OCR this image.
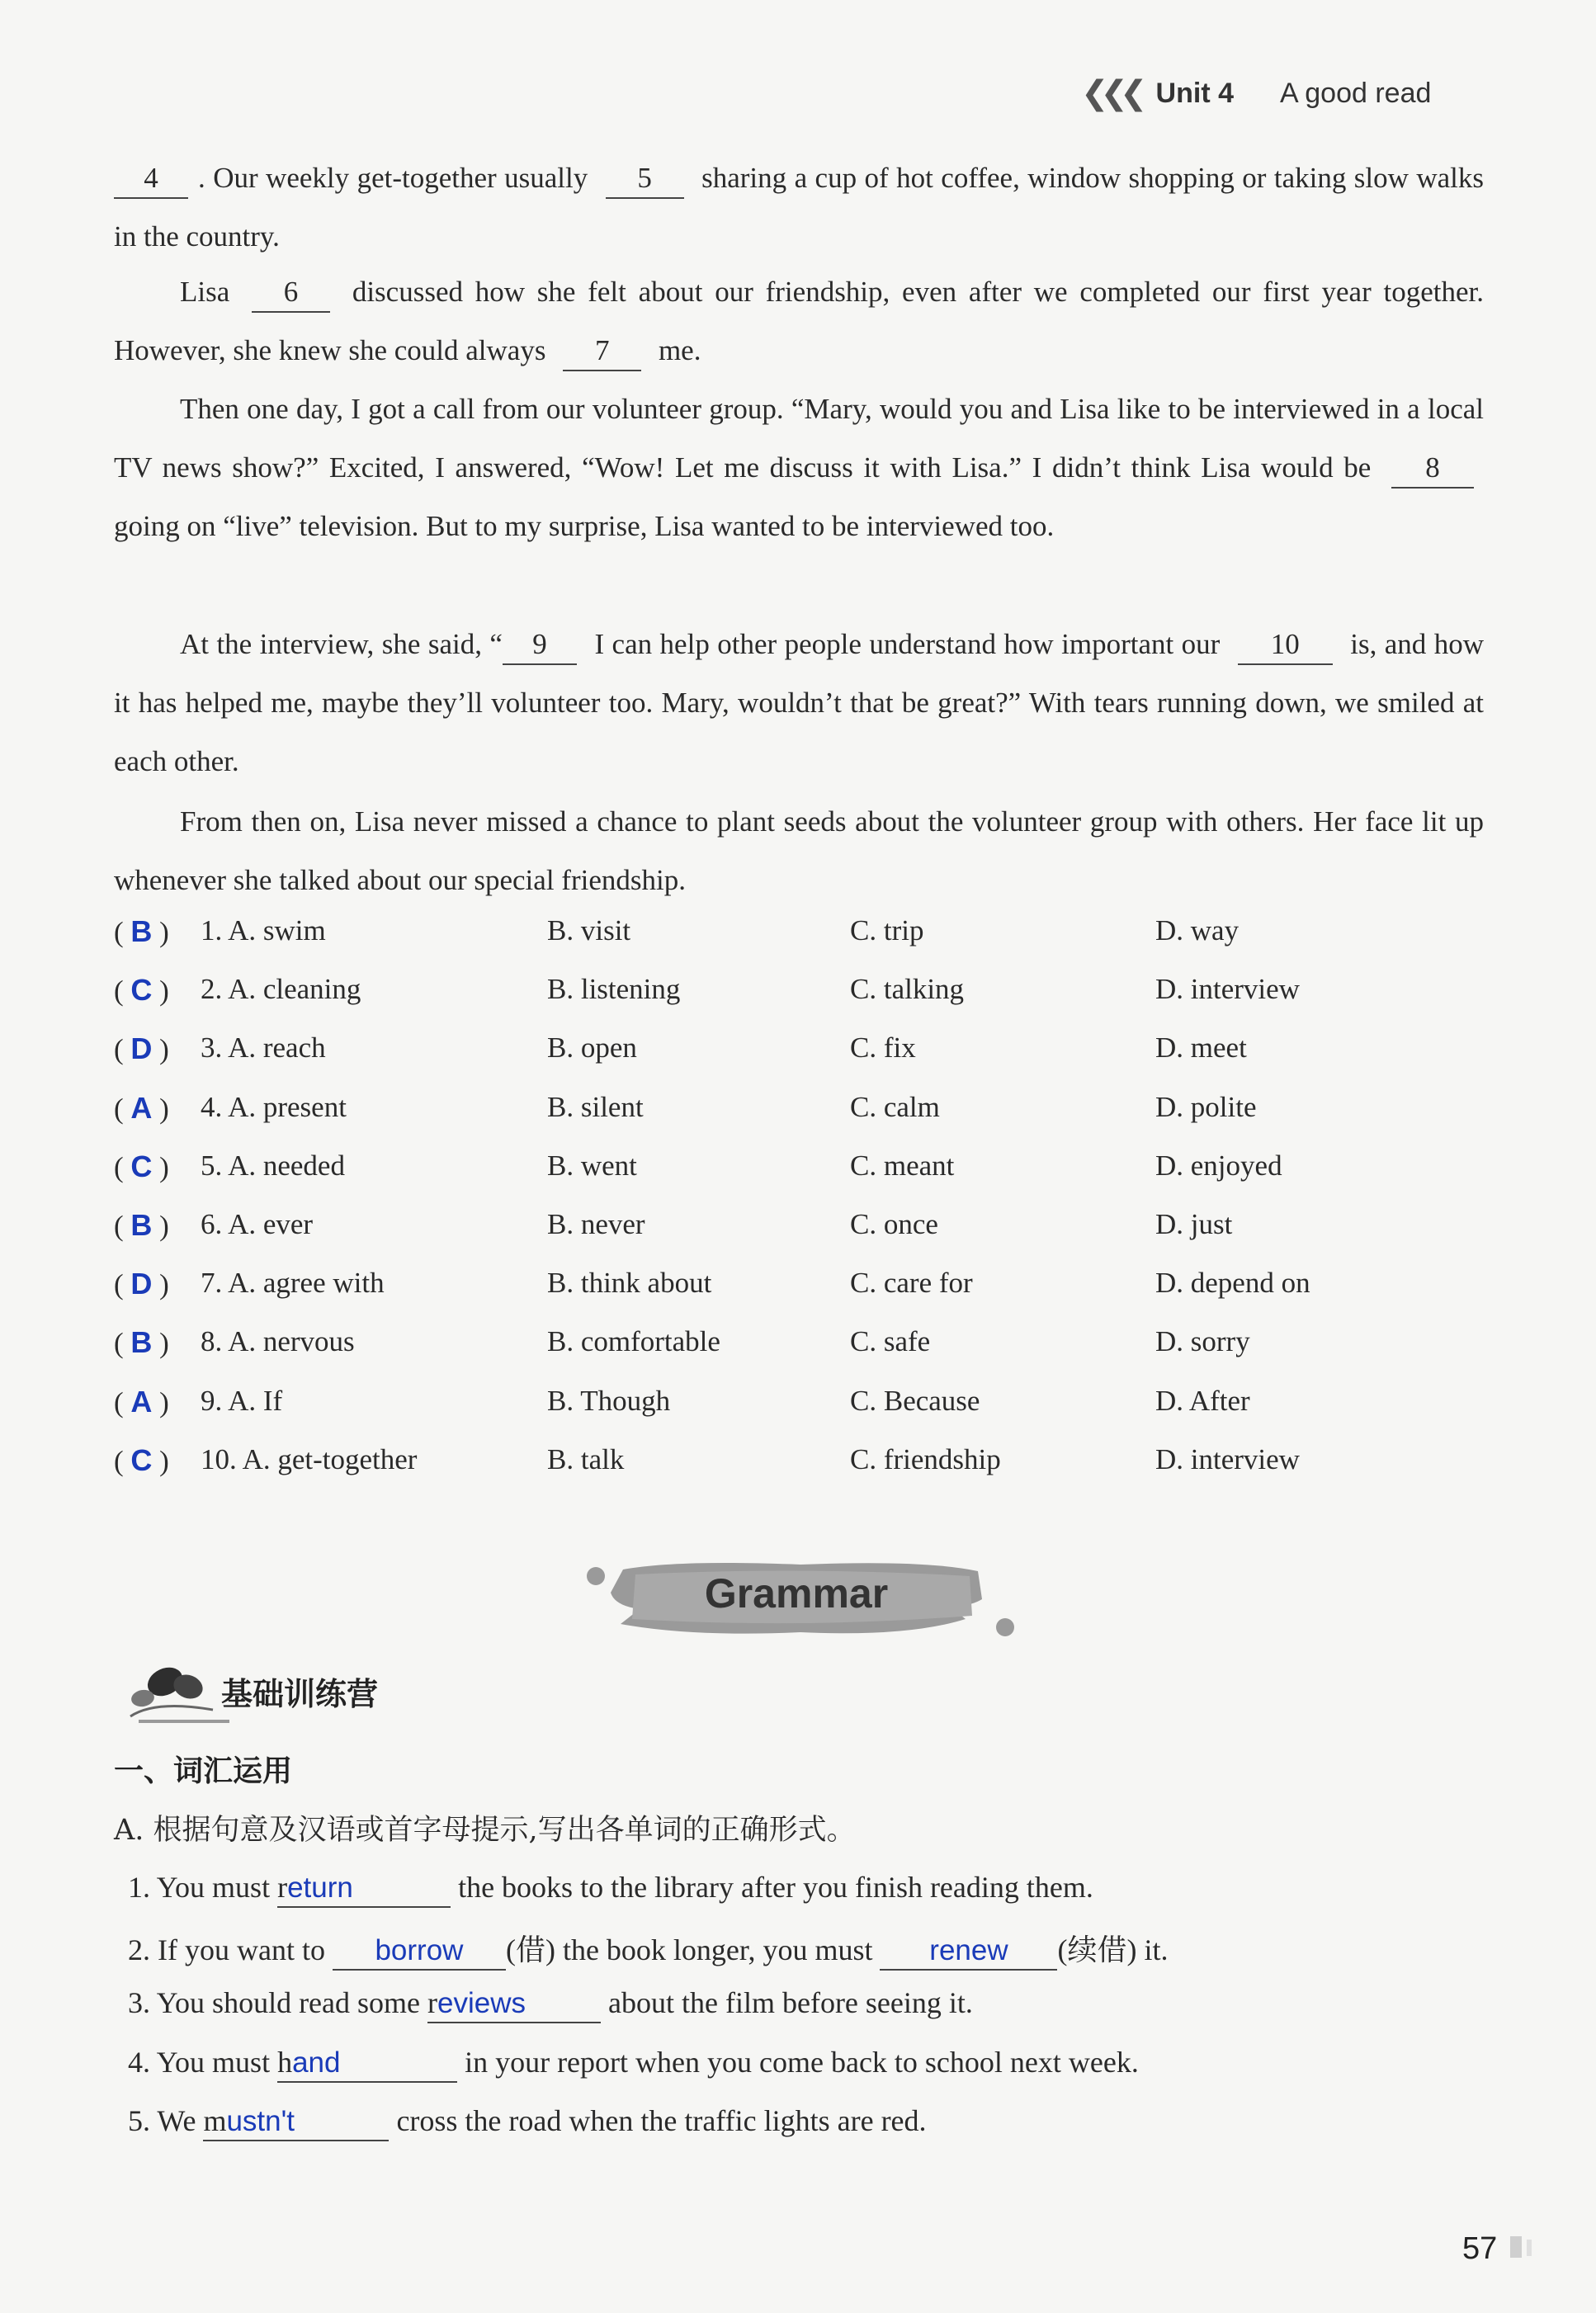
❮❮❮ Unit 4 A good read
4 . Our weekly get-together usually 5 sharing a cup of hot coffee, window shopping or taking slow walks in the country.
Lisa 6 discussed how she felt about our friendship, even after we completed our first year together. However, she knew she could always 7 me.
Then one day, I got a call from our volunteer group. “Mary, would you and Lisa like to be interviewed in a local TV news show?” Excited, I answered, “Wow! Let me discuss it with Lisa.” I didn’t think Lisa would be 8 going on “live” television. But to my surprise, Lisa wanted to be interviewed too.
At the interview, she said, “ 9 I can help other people understand how important our 10 is, and how it has helped me, maybe they’ll volunteer too. Mary, wouldn’t that be great?” With tears running down, we smiled at each other.
From then on, Lisa never missed a chance to plant seeds about the volunteer group with others. Her face lit up whenever she talked about our special friendship.
( B ) 1. A. swim	B. visit	C. trip	D. way
( C ) 2. A. cleaning	B. listening	C. talking	D. interview
( D ) 3. A. reach	B. open	C. fix	D. meet
( A ) 4. A. present	B. silent	C. calm	D. polite
( C ) 5. A. needed	B. went	C. meant	D. enjoyed
( B ) 6. A. ever	B. never	C. once	D. just
( D ) 7. A. agree with	B. think about	C. care for	D. depend on
( B ) 8. A. nervous	B. comfortable	C. safe	D. sorry
( A ) 9. A. If	B. Though	C. Because	D. After
( C ) 10. A. get-together	B. talk	C. friendship	D. interview
Grammar
基础训练营
一、词汇运用
A. 根据句意及汉语或首字母提示,写出各单词的正确形式。
1. You must return	the books to the library after you finish reading them.
2. If you want to borrow (借) the book longer, you must renew (续借) it.
3. You should read some reviews	about the film before seeing it.
4. You must hand	in your report when you come back to school next week.
5. We mustn't	cross the road when the traffic lights are red.
57
